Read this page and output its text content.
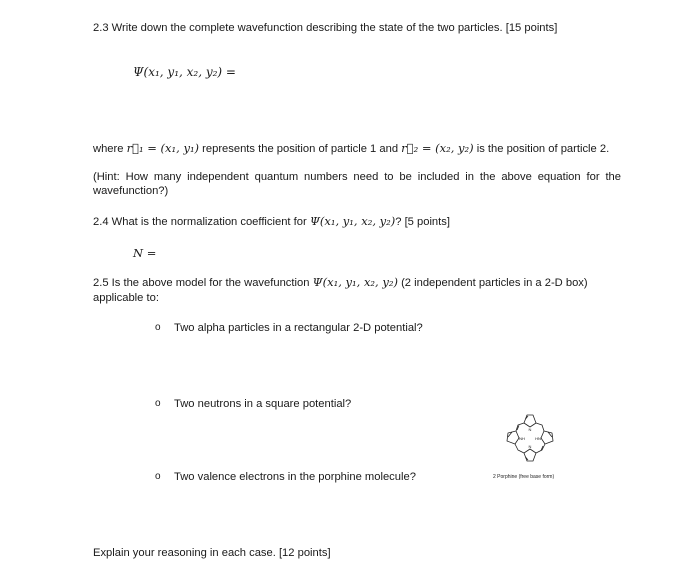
2.3 Write down the complete wavefunction describing the state of the two particles. [15 points]
Ψ(x₁, y₁, x₂, y₂) =
where r⃗₁ = (x₁, y₁) represents the position of particle 1 and r⃗₂ = (x₂, y₂) is the position of particle 2.
(Hint: How many independent quantum numbers need to be included in the above equation for the wavefunction?)
2.4 What is the normalization coefficient for Ψ(x₁, y₁, x₂, y₂)? [5 points]
N =
2.5 Is the above model for the wavefunction Ψ(x₁, y₁, x₂, y₂) (2 independent particles in a 2-D box)
applicable to:
o Two alpha particles in a rectangular 2-D potential?
o Two neutrons in a square potential?
o Two valence electrons in the porphine molecule?
N
N
NH	HN
2 Porphine (free base form)
Explain your reasoning in each case. [12 points]
